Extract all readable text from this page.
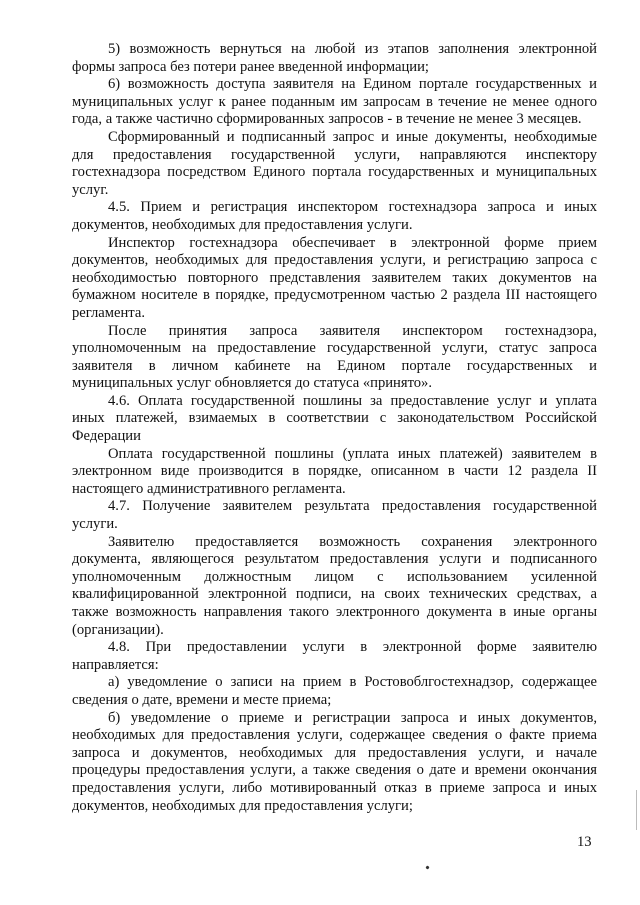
5) возможность вернуться на любой из этапов заполнения электронной формы запроса без потери ранее введенной информации;

6) возможность доступа заявителя на Едином портале государственных и муниципальных услуг к ранее поданным им запросам в течение не менее одного года, а также частично сформированных запросов - в течение не менее 3 месяцев.

Сформированный и подписанный запрос и иные документы, необходимые для предоставления государственной услуги, направляются инспектору гостехнадзора посредством Единого портала государственных и муниципальных услуг.

4.5. Прием и регистрация инспектором гостехнадзора запроса и иных документов, необходимых для предоставления услуги.

Инспектор гостехнадзора обеспечивает в электронной форме прием документов, необходимых для предоставления услуги, и регистрацию запроса с необходимостью повторного представления заявителем таких документов на бумажном носителе в порядке, предусмотренном частью 2 раздела III настоящего регламента.

После принятия запроса заявителя инспектором гостехнадзора, уполномоченным на предоставление государственной услуги, статус запроса заявителя в личном кабинете на Едином портале государственных и муниципальных услуг обновляется до статуса «принято».

4.6. Оплата государственной пошлины за предоставление услуг и уплата иных платежей, взимаемых в соответствии с законодательством Российской Федерации

Оплата государственной пошлины (уплата иных платежей) заявителем в электронном виде производится в порядке, описанном в части 12 раздела II настоящего административного регламента.

4.7. Получение заявителем результата предоставления государственной услуги.

Заявителю предоставляется возможность сохранения электронного документа, являющегося результатом предоставления услуги и подписанного уполномоченным должностным лицом с использованием усиленной квалифицированной электронной подписи, на своих технических средствах, а также возможность направления такого электронного документа в иные органы (организации).

4.8. При предоставлении услуги в электронной форме заявителю направляется:

а) уведомление о записи на прием в Ростовоблгостехнадзор, содержащее сведения о дате, времени и месте приема;

б) уведомление о приеме и регистрации запроса и иных документов, необходимых для предоставления услуги, содержащее сведения о факте приема запроса и документов, необходимых для предоставления услуги, и начале процедуры предоставления услуги, а также сведения о дате и времени окончания предоставления услуги, либо мотивированный отказ в приеме запроса и иных документов, необходимых для предоставления услуги;

13
